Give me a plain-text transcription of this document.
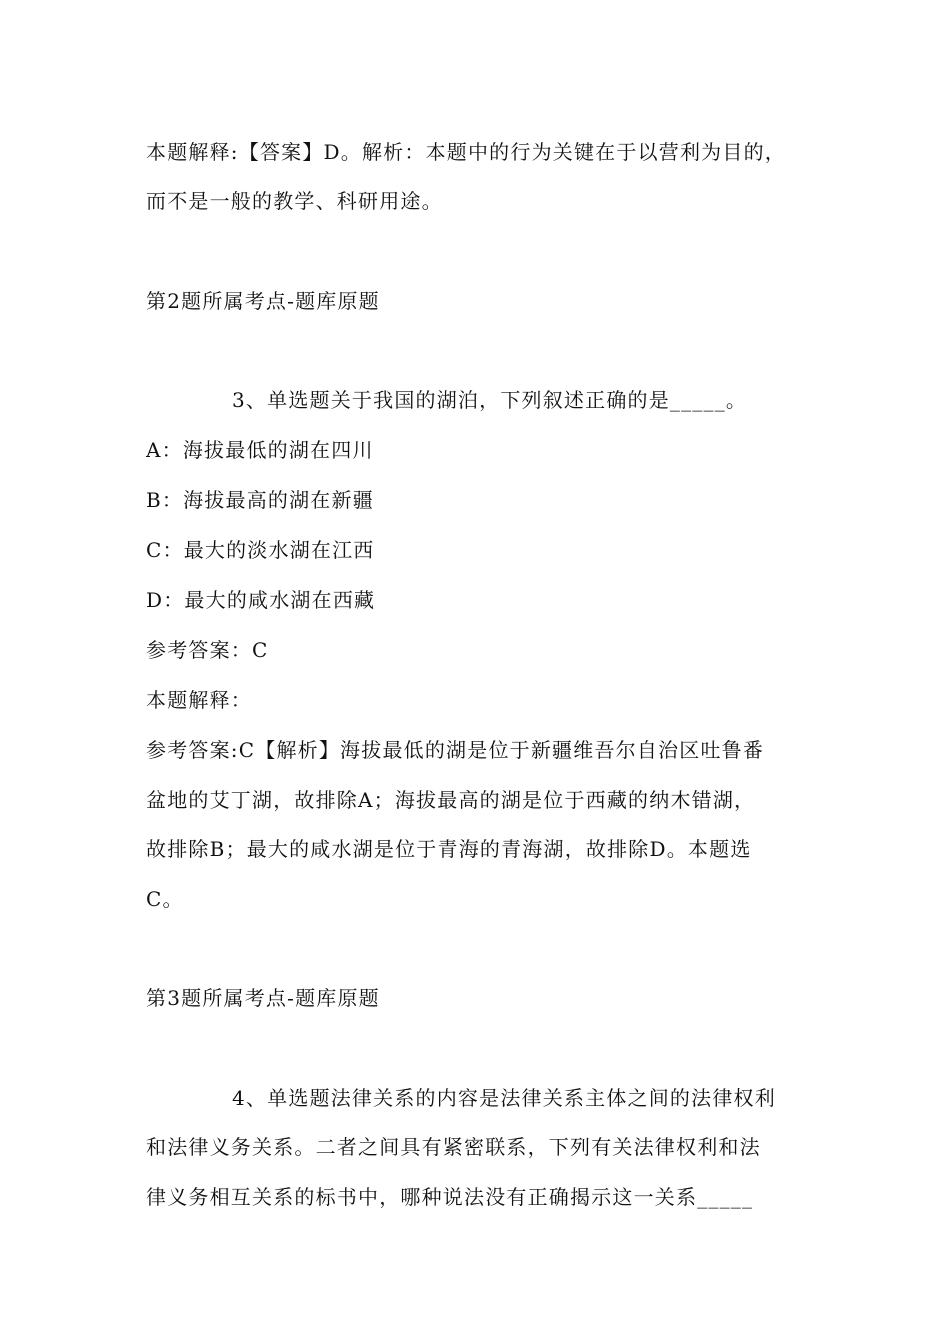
本题解释:【答案】D。解析：本题中的行为关键在于以营利为目的，
而不是一般的教学、科研用途。
第2题所属考点-题库原题
3、单选题关于我国的湖泊，下列叙述正确的是_____。
A：海拔最低的湖在四川
B：海拔最高的湖在新疆
C：最大的淡水湖在江西
D：最大的咸水湖在西藏
参考答案：C
本题解释：
参考答案:C【解析】海拔最低的湖是位于新疆维吾尔自治区吐鲁番
盆地的艾丁湖，故排除A；海拔最高的湖是位于西藏的纳木错湖，
故排除B；最大的咸水湖是位于青海的青海湖，故排除D。本题选
C。
第3题所属考点-题库原题
4、单选题法律关系的内容是法律关系主体之间的法律权利
和法律义务关系。二者之间具有紧密联系，下列有关法律权利和法
律义务相互关系的标书中，哪种说法没有正确揭示这一关系_____
